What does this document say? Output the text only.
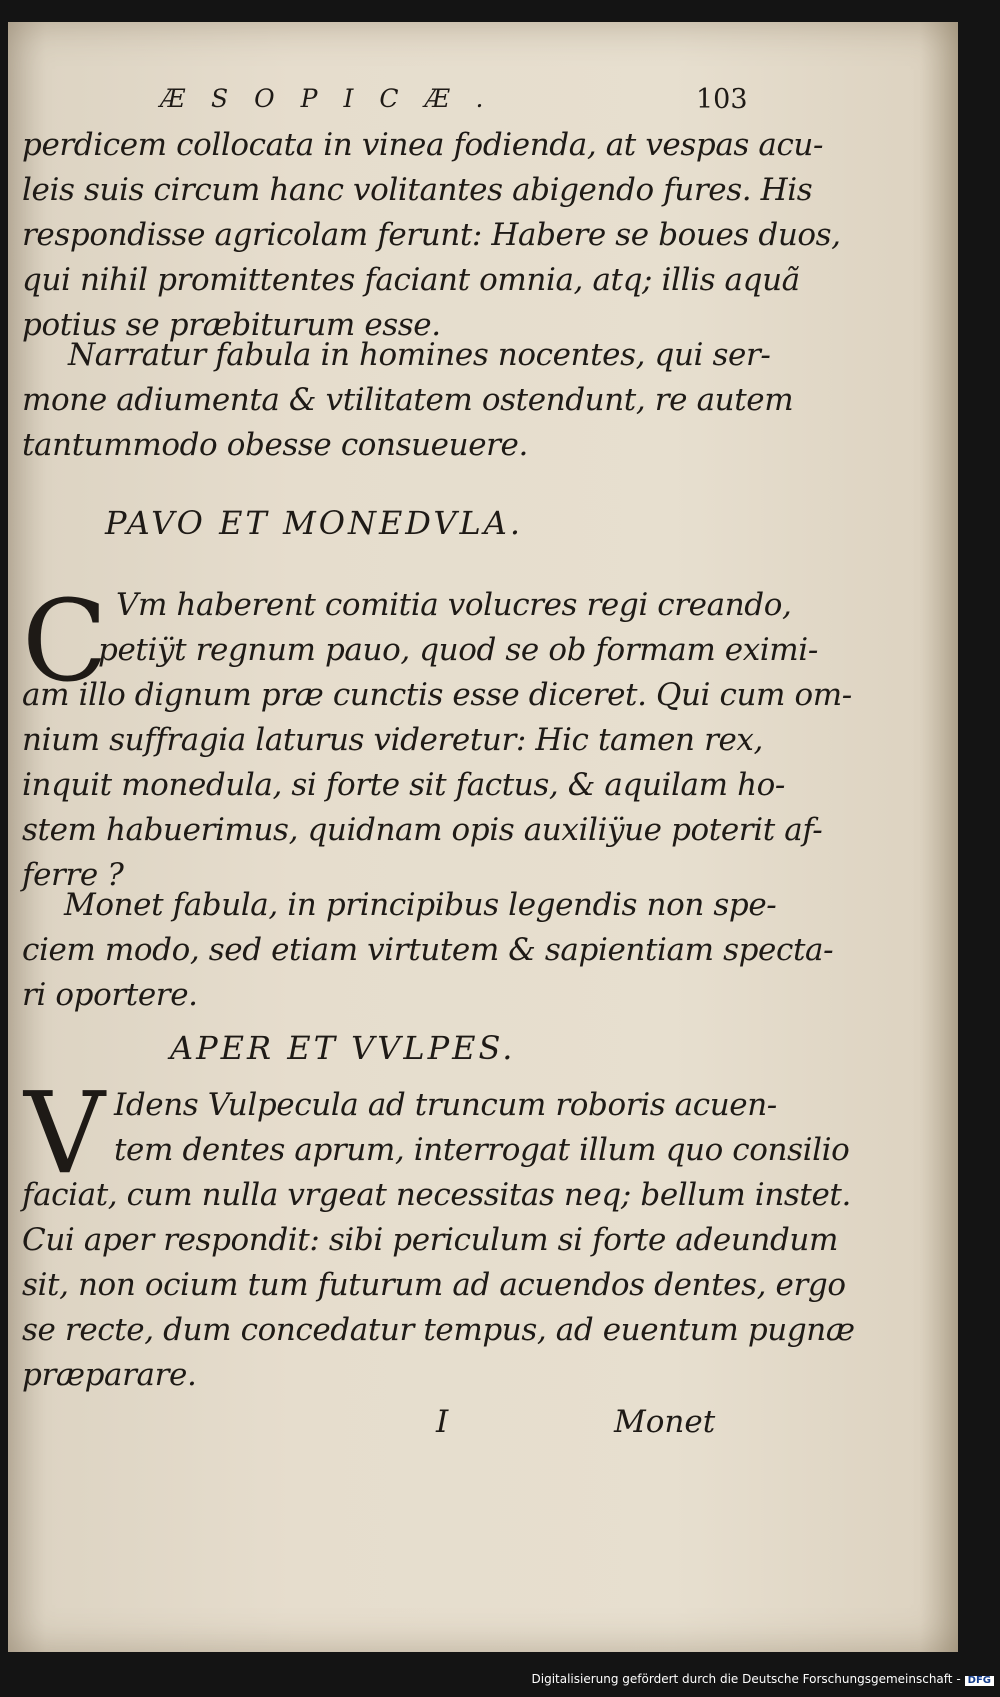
ÆSOPICÆ.	103
perdicem collocata in vinea fodienda, at vespas acu-
leis suis circum hanc volitantes abigendo fures. His
respondisse agricolam ferunt: Habere se boues duos,
qui nihil promittentes faciant omnia, atq; illis aquã
potius se præbiturum esse.
Narratur fabula in homines nocentes, qui ser-
mone adiumenta & vtilitatem ostendunt, re autem
tantummodo obesse consueuere.
PAVO ET MONEDVLA.
C Vm haberent comitia volucres regi creando,
petiÿt regnum pauo, quod se ob formam eximi-
am illo dignum præ cunctis esse diceret. Qui cum om-
nium suffragia laturus videretur: Hic tamen rex,
inquit monedula, si forte sit factus, & aquilam ho-
stem habuerimus, quidnam opis auxiliÿue poterit af-
ferre ?
Monet fabula, in principibus legendis non spe-
ciem modo, sed etiam virtutem & sapientiam specta-
ri oportere.
APER ET VVLPES.
V Idens Vulpecula ad truncum roboris acuen-
tem dentes aprum, interrogat illum quo consilio
faciat, cum nulla vrgeat necessitas neq; bellum instet.
Cui aper respondit: sibi periculum si forte adeundum
sit, non ocium tum futurum ad acuendos dentes, ergo
se recte, dum concedatur tempus, ad euentum pugnæ
præparare.
I	Monet
Digitalisierung gefördert durch die Deutsche Forschungsgemeinschaft - DFG
